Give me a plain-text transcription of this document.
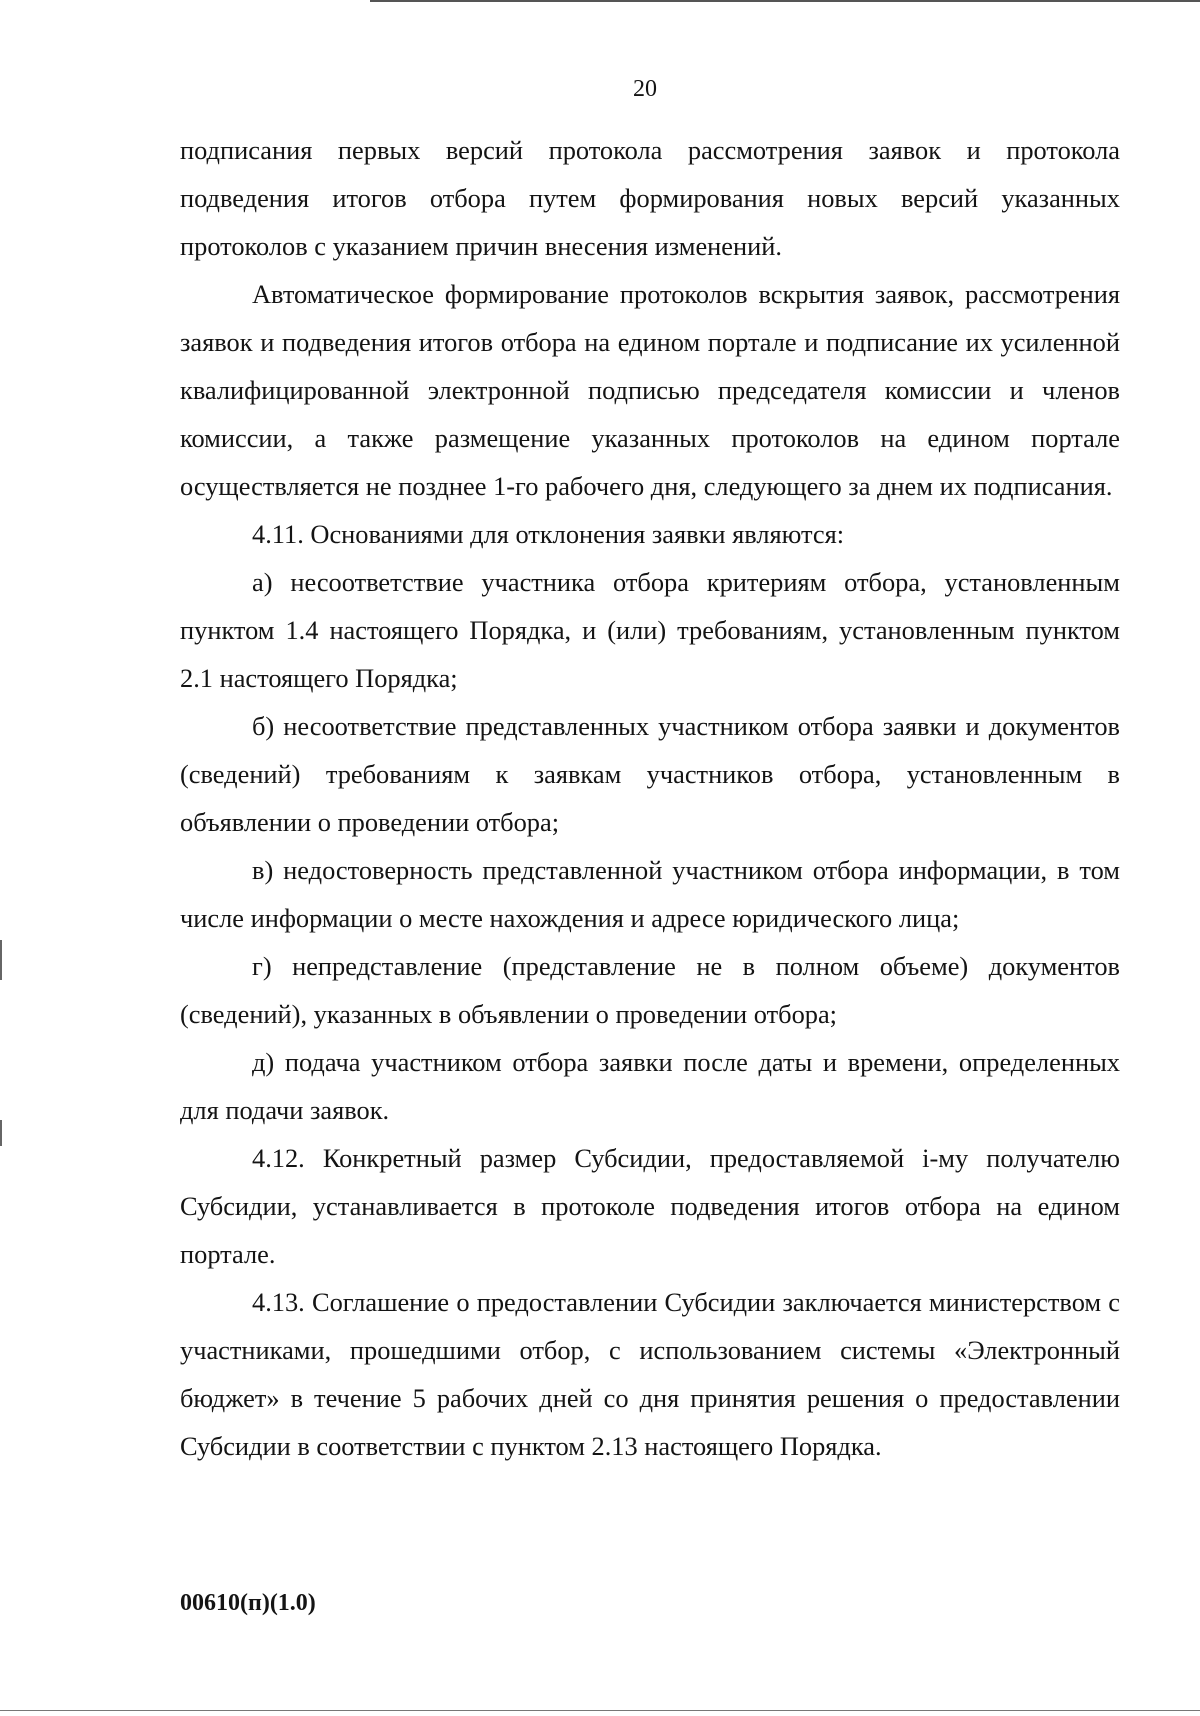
20

подписания первых версий протокола рассмотрения заявок и протокола подведения итогов отбора путем формирования новых версий указанных протоколов с указанием причин внесения изменений.

Автоматическое формирование протоколов вскрытия заявок, рассмотрения заявок и подведения итогов отбора на едином портале и подписание их усиленной квалифицированной электронной подписью председателя комиссии и членов комиссии, а также размещение указанных протоколов на едином портале осуществляется не позднее 1-го рабочего дня, следующего за днем их подписания.

4.11. Основаниями для отклонения заявки являются:

а) несоответствие участника отбора критериям отбора, установленным пунктом 1.4 настоящего Порядка, и (или) требованиям, установленным пунктом 2.1 настоящего Порядка;

б) несоответствие представленных участником отбора заявки и документов (сведений) требованиям к заявкам участников отбора, установленным в объявлении о проведении отбора;

в) недостоверность представленной участником отбора информации, в том числе информации о месте нахождения и адресе юридического лица;

г) непредставление (представление не в полном объеме) документов (сведений), указанных в объявлении о проведении отбора;

д) подача участником отбора заявки после даты и времени, определенных для подачи заявок.

4.12. Конкретный размер Субсидии, предоставляемой i-му получателю Субсидии, устанавливается в протоколе подведения итогов отбора на едином портале.

4.13. Соглашение о предоставлении Субсидии заключается министерством с участниками, прошедшими отбор, с использованием системы «Электронный бюджет» в течение 5 рабочих дней со дня принятия решения о предоставлении Субсидии в соответствии с пунктом 2.13 настоящего Порядка.

00610(п)(1.0)
